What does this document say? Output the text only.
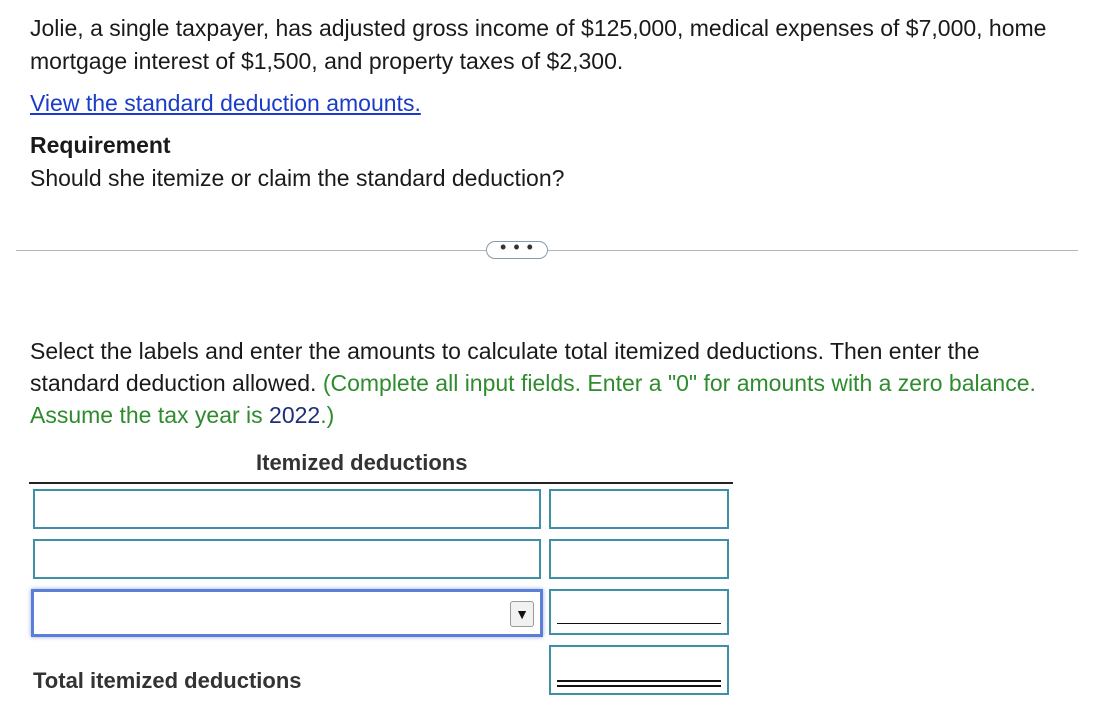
Jolie, a single taxpayer, has adjusted gross income of $125,000, medical expenses of $7,000, home mortgage interest of $1,500, and property taxes of $2,300.
View the standard deduction amounts.
Requirement
Should she itemize or claim the standard deduction?
• • •
Select the labels and enter the amounts to calculate total itemized deductions. Then enter the standard deduction allowed. (Complete all input fields. Enter a "0" for amounts with a zero balance. Assume the tax year is 2022.)
Itemized deductions
▼
Total itemized deductions
